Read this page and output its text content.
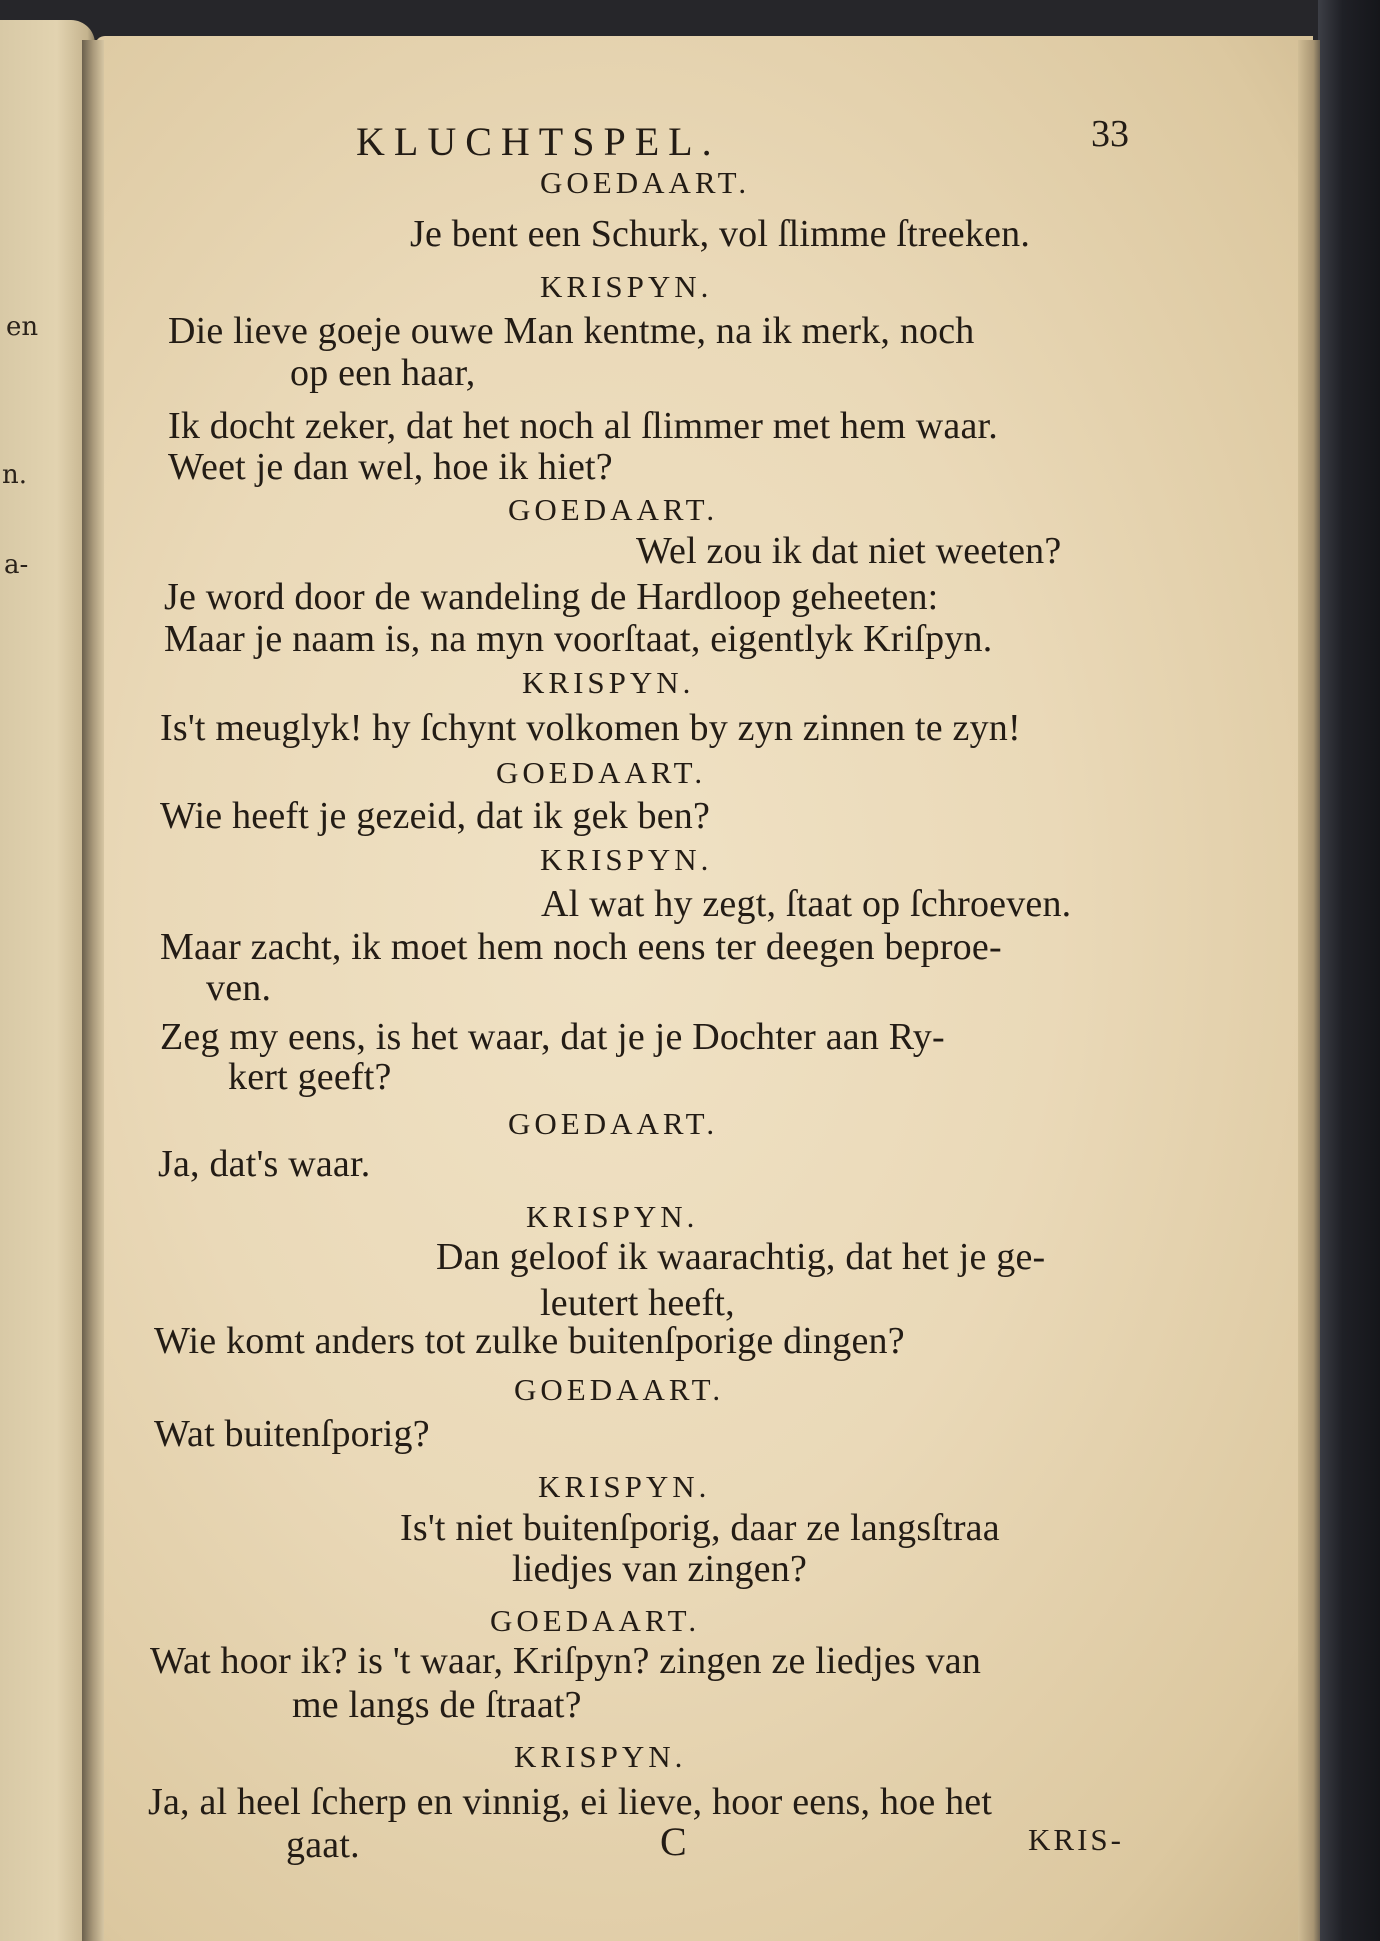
en
n.
a-
KLUCHTSPEL.	33
GOEDAART.
Je bent een Schurk, vol ſlimme ſtreeken.
KRISPYN.
Die lieve goeje ouwe Man kentme, na ik merk, noch
op een haar,
Ik docht zeker, dat het noch al ſlimmer met hem waar.
Weet je dan wel, hoe ik hiet?
GOEDAART.
Wel zou ik dat niet weeten?
Je word door de wandeling de Hardloop geheeten:
Maar je naam is, na myn voorſtaat, eigentlyk Kriſpyn.
KRISPYN.
Is't meuglyk! hy ſchynt volkomen by zyn zinnen te zyn!
GOEDAART.
Wie heeft je gezeid, dat ik gek ben?
KRISPYN.
Al wat hy zegt, ſtaat op ſchroeven.
Maar zacht, ik moet hem noch eens ter deegen beproe-
ven.
Zeg my eens, is het waar, dat je je Dochter aan Ry-
kert geeft?
GOEDAART.
Ja, dat's waar.
KRISPYN.
Dan geloof ik waarachtig, dat het je ge-
leutert heeft,
Wie komt anders tot zulke buitenſporige dingen?
GOEDAART.
Wat buitenſporig?
KRISPYN.
Is't niet buitenſporig, daar ze langsſtraa
liedjes van zingen?
GOEDAART.
Wat hoor ik? is 't waar, Kriſpyn? zingen ze liedjes van
me langs de ſtraat?
KRISPYN.
Ja, al heel ſcherp en vinnig, ei lieve, hoor eens, hoe het
gaat.	C	KRIS-
